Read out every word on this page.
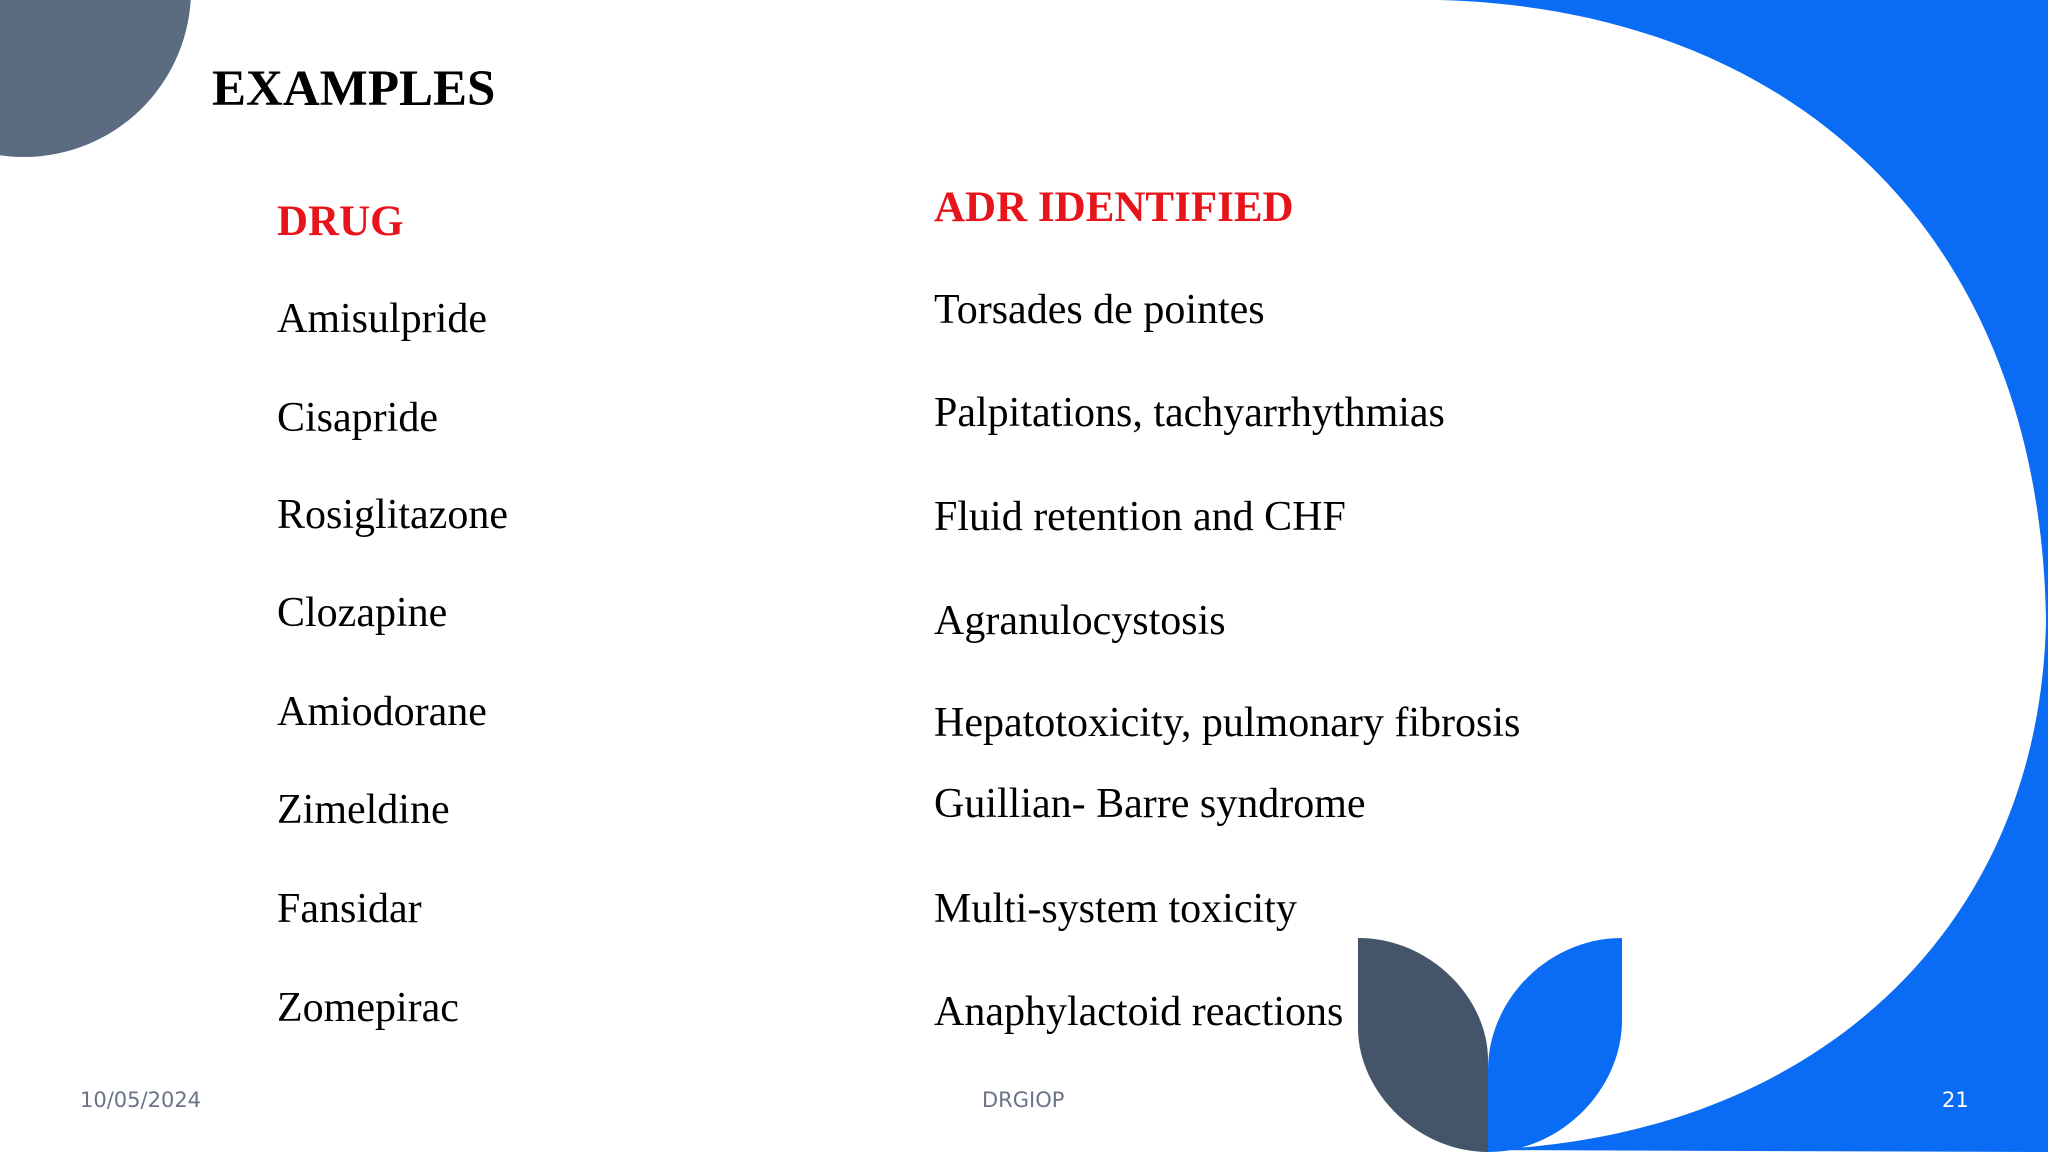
EXAMPLES
DRUG	ADR IDENTIFIED
Amisulpride	Torsades de pointes
Cisapride	Palpitations, tachyarrhythmias
Rosiglitazone	Fluid retention and CHF
Clozapine	Agranulocystosis
Amiodorane	Hepatotoxicity, pulmonary fibrosis
Zimeldine	Guillian- Barre syndrome
Fansidar	Multi-system toxicity
Zomepirac	Anaphylactoid reactions
10/05/2024	DRGIOP	21
